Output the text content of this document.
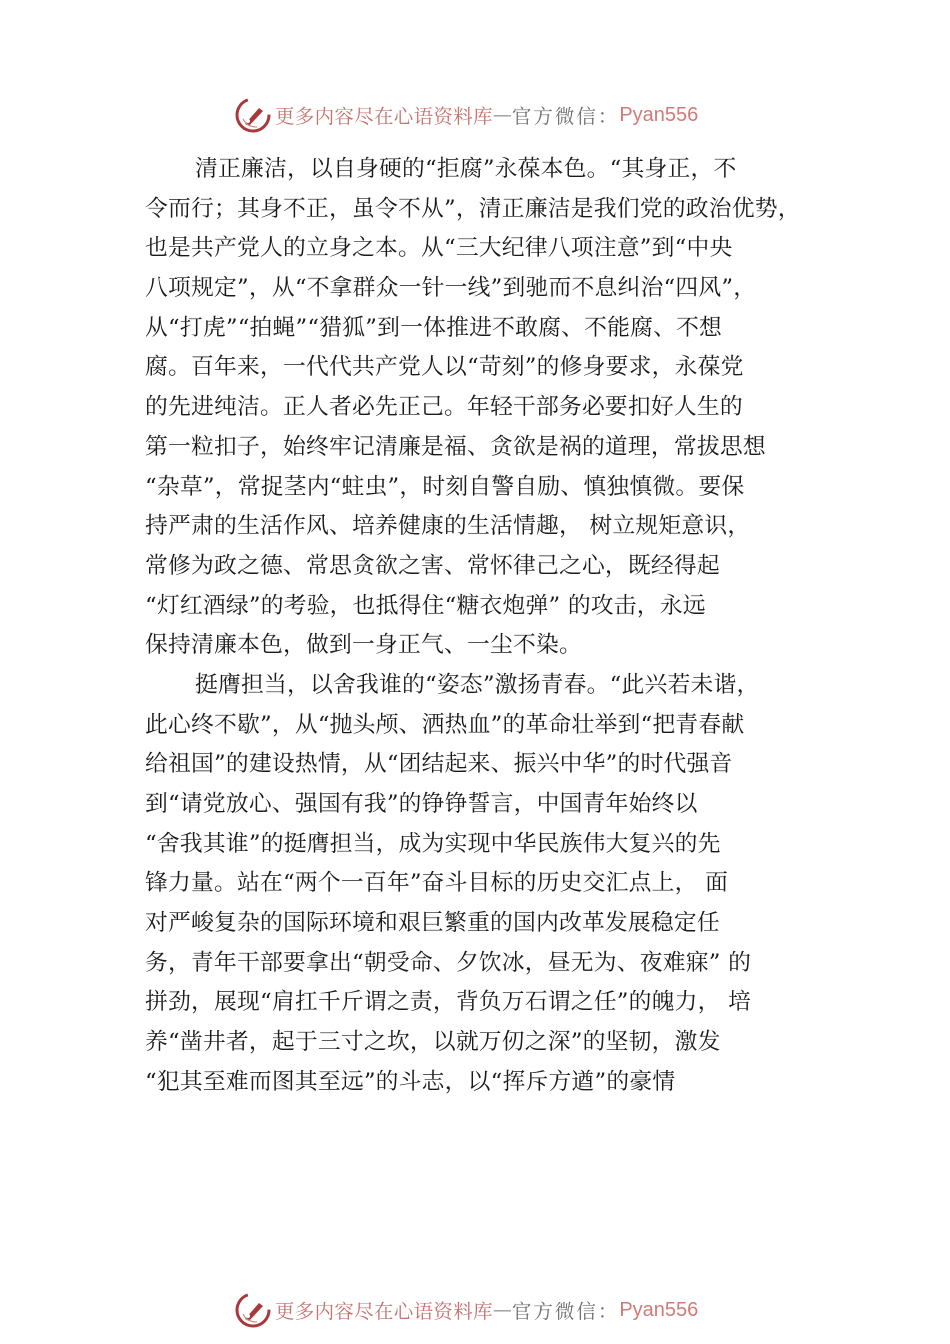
更多内容尽在心语资料库 — 官方微信： Pyan556
清正廉洁，以自身硬的“拒腐”永葆本色。“其身正，不
令而行；其身不正，虽令不从”，清正廉洁是我们党的政治优势，
也是共产党人的立身之本。从“三大纪律八项注意”到“中央
八项规定”，从“不拿群众一针一线”到驰而不息纠治“四风”，
从“打虎”“拍蝇”“猎狐”到一体推进不敢腐、不能腐、不想
腐。百年来，一代代共产党人以“苛刻”的修身要求，永葆党
的先进纯洁。正人者必先正己。年轻干部务必要扣好人生的
第一粒扣子，始终牢记清廉是福、贪欲是祸的道理，常拔思想
“杂草”，常捉茎内“蛀虫”，时刻自警自励、慎独慎微。要保
持严肃的生活作风、培养健康的生活情趣， 树立规矩意识，
常修为政之德、常思贪欲之害、常怀律己之心，既经得起
“灯红酒绿”的考验，也抵得住“糖衣炮弹” 的攻击，永远
保持清廉本色，做到一身正气、一尘不染。
挺膺担当，以舍我谁的“姿态”激扬青春。“此兴若未谐，
此心终不歇”，从“抛头颅、洒热血”的革命壮举到“把青春献
给祖国”的建设热情，从“团结起来、振兴中华”的时代强音
到“请党放心、强国有我”的铮铮誓言，中国青年始终以
“舍我其谁”的挺膺担当，成为实现中华民族伟大复兴的先
锋力量。站在“两个一百年”奋斗目标的历史交汇点上， 面
对严峻复杂的国际环境和艰巨繁重的国内改革发展稳定任
务，青年干部要拿出“朝受命、夕饮冰，昼无为、夜难寐” 的
拼劲，展现“肩扛千斤谓之责，背负万石谓之任”的魄力， 培
养“凿井者，起于三寸之坎，以就万仞之深”的坚韧，激发
“犯其至难而图其至远”的斗志，以“挥斥方遒”的豪情
更多内容尽在心语资料库 — 官方微信： Pyan556
